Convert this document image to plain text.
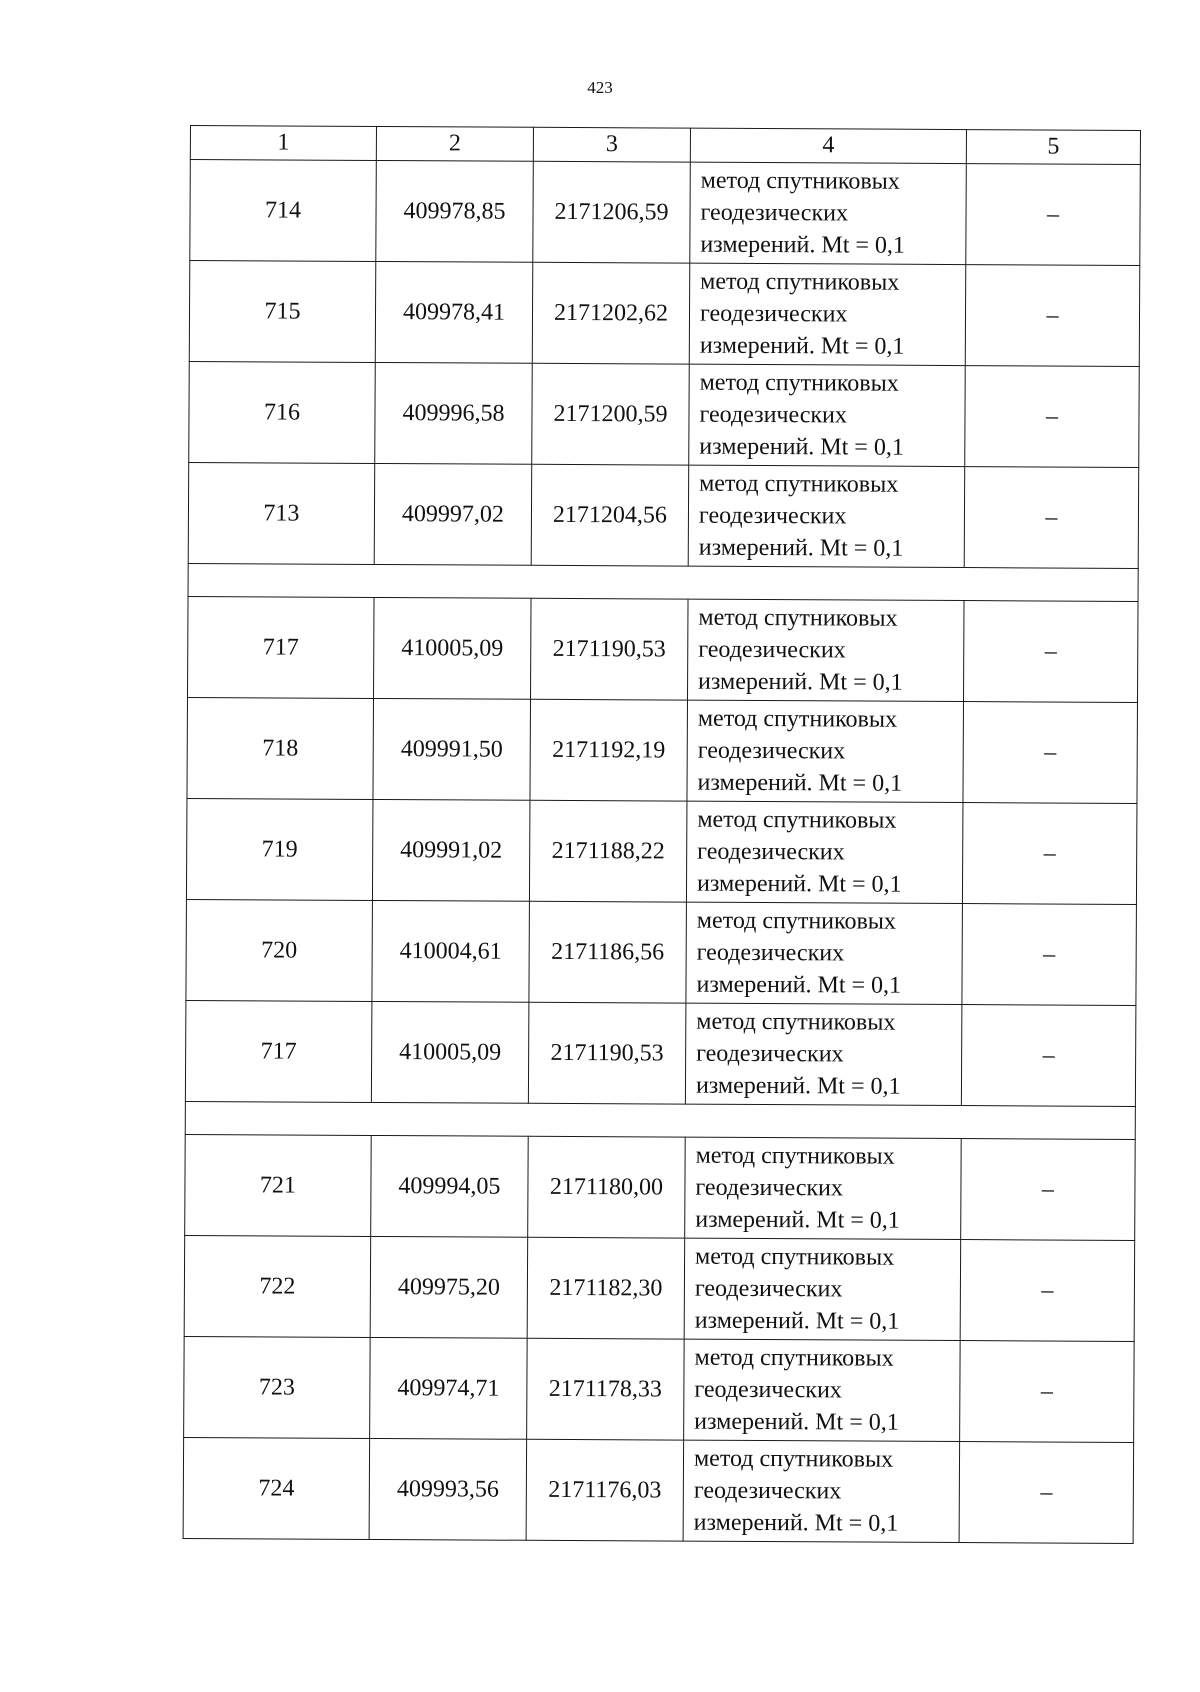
423
1	2	3	4	5
714	409978,85	2171206,59	метод спутниковых
геодезических
измерений. Mt = 0,1	–
715	409978,41	2171202,62	метод спутниковых
геодезических
измерений. Mt = 0,1	–
716	409996,58	2171200,59	метод спутниковых
геодезических
измерений. Mt = 0,1	–
713	409997,02	2171204,56	метод спутниковых
геодезических
измерений. Mt = 0,1	–

717	410005,09	2171190,53	метод спутниковых
геодезических
измерений. Mt = 0,1	–
718	409991,50	2171192,19	метод спутниковых
геодезических
измерений. Mt = 0,1	–
719	409991,02	2171188,22	метод спутниковых
геодезических
измерений. Mt = 0,1	–
720	410004,61	2171186,56	метод спутниковых
геодезических
измерений. Mt = 0,1	–
717	410005,09	2171190,53	метод спутниковых
геодезических
измерений. Mt = 0,1	–

721	409994,05	2171180,00	метод спутниковых
геодезических
измерений. Mt = 0,1	–
722	409975,20	2171182,30	метод спутниковых
геодезических
измерений. Mt = 0,1	–
723	409974,71	2171178,33	метод спутниковых
геодезических
измерений. Mt = 0,1	–
724	409993,56	2171176,03	метод спутниковых
геодезических
измерений. Mt = 0,1	–
